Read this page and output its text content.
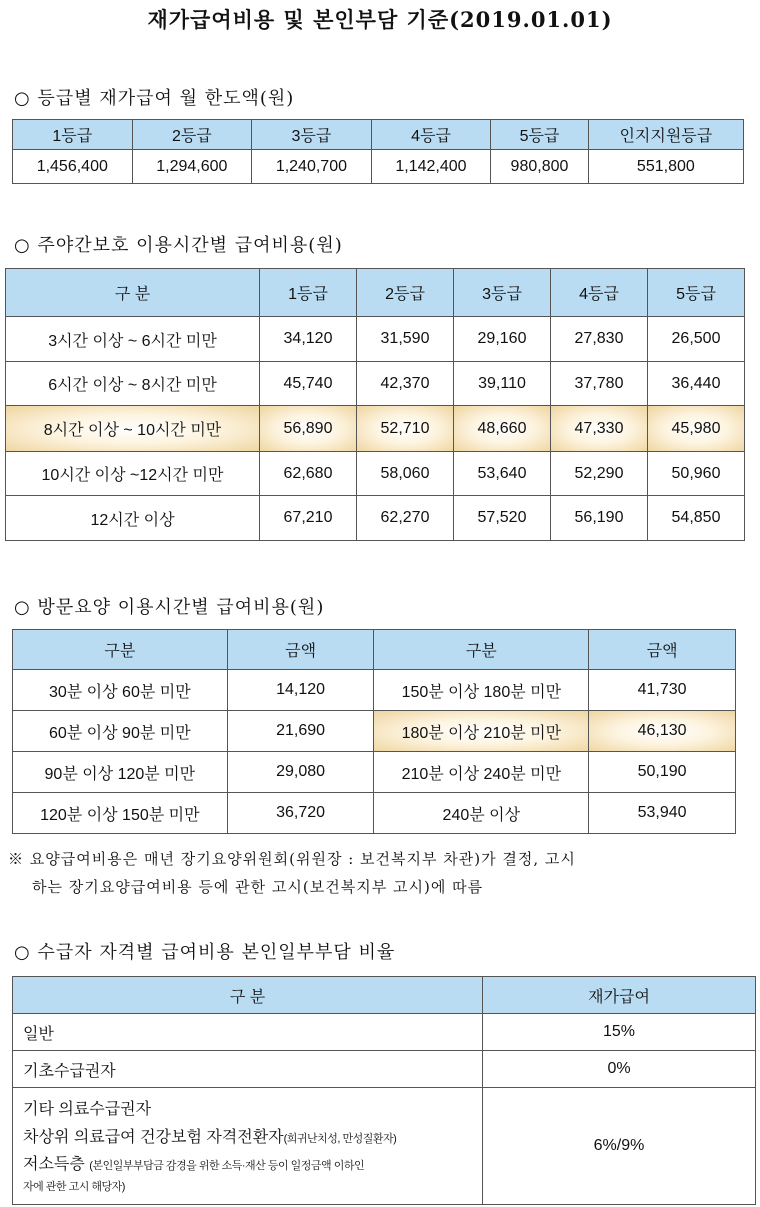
재가급여비용 및 본인부담 기준(2019.01.01)
○ 등급별 재가급여 월 한도액(원)
1등급	2등급	3등급	4등급	5등급	인지지원등급
1,456,400	1,294,600	1,240,700	1,142,400	980,800	551,800
○ 주야간보호 이용시간별 급여비용(원)
구 분	1등급	2등급	3등급	4등급	5등급
3시간 이상 ~ 6시간 미만	34,120	31,590	29,160	27,830	26,500
6시간 이상 ~ 8시간 미만	45,740	42,370	39,110	37,780	36,440
8시간 이상 ~ 10시간 미만	56,890	52,710	48,660	47,330	45,980
10시간 이상 ~12시간 미만	62,680	58,060	53,640	52,290	50,960
12시간 이상	67,210	62,270	57,520	56,190	54,850
○ 방문요양 이용시간별 급여비용(원)
구분	금액	구분	금액
30분 이상 60분 미만	14,120	150분 이상 180분 미만	41,730
60분 이상 90분 미만	21,690	180분 이상 210분 미만	46,130
90분 이상 120분 미만	29,080	210분 이상 240분 미만	50,190
120분 이상 150분 미만	36,720	240분 이상	53,940
※ 요양급여비용은 매년 장기요양위원회(위원장 : 보건복지부 차관)가 결정, 고시
하는 장기요양급여비용 등에 관한 고시(보건복지부 고시)에 따름
○ 수급자 자격별 급여비용 본인일부부담 비율
구 분	재가급여
일반	15%
기초수급권자	0%

기타 의료수급권자
차상위 의료급여 건강보험 자격전환자(희귀난치성, 만성질환자)
저소득층 (본인일부부담금 감경을 위한 소득·재산 등이 일정금액 이하인
자에 관한 고시 해당자)	6%/9%
